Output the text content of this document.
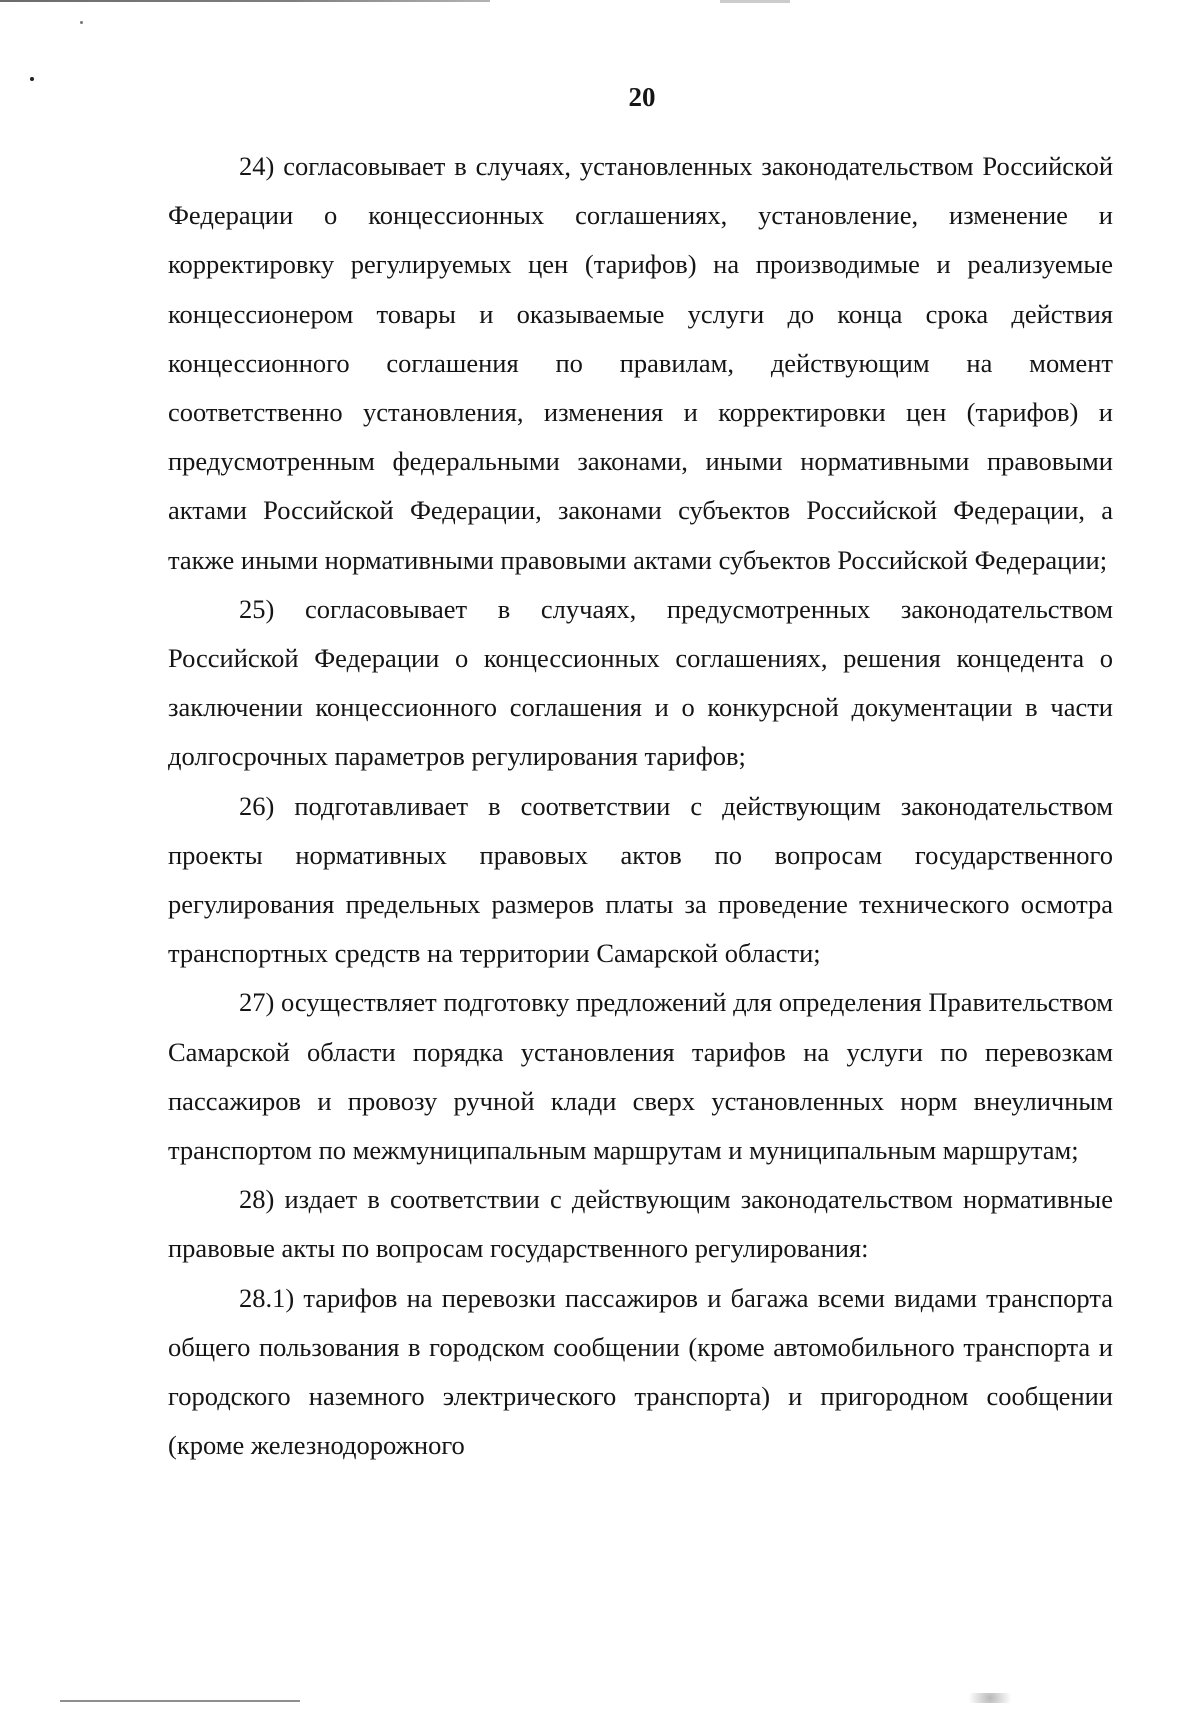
20

24) согласовывает в случаях, установленных законодательством Российской Федерации о концессионных соглашениях, установление, изменение и корректировку регулируемых цен (тарифов) на производимые и реализуемые концессионером товары и оказываемые услуги до конца срока действия концессионного соглашения по правилам, действующим на момент соответственно установления, изменения и корректировки цен (тарифов) и предусмотренным федеральными законами, иными нормативными правовыми актами Российской Федерации, законами субъектов Российской Федерации, а также иными нормативными правовыми актами субъектов Российской Федерации;

25) согласовывает в случаях, предусмотренных законодательством Российской Федерации о концессионных соглашениях, решения концедента о заключении концессионного соглашения и о конкурсной документации в части долгосрочных параметров регулирования тарифов;

26) подготавливает в соответствии с действующим законодательством проекты нормативных правовых актов по вопросам государственного регулирования предельных размеров платы за проведение технического осмотра транспортных средств на территории Самарской области;

27) осуществляет подготовку предложений для определения Правительством Самарской области порядка установления тарифов на услуги по перевозкам пассажиров и провозу ручной клади сверх установленных норм внеуличным транспортом по межмуниципальным маршрутам и муниципальным маршрутам;

28) издает в соответствии с действующим законодательством нормативные правовые акты по вопросам государственного регулирования:

28.1) тарифов на перевозки пассажиров и багажа всеми видами транспорта общего пользования в городском сообщении (кроме автомобильного транспорта и городского наземного электрического транспорта) и пригородном сообщении (кроме железнодорожного
